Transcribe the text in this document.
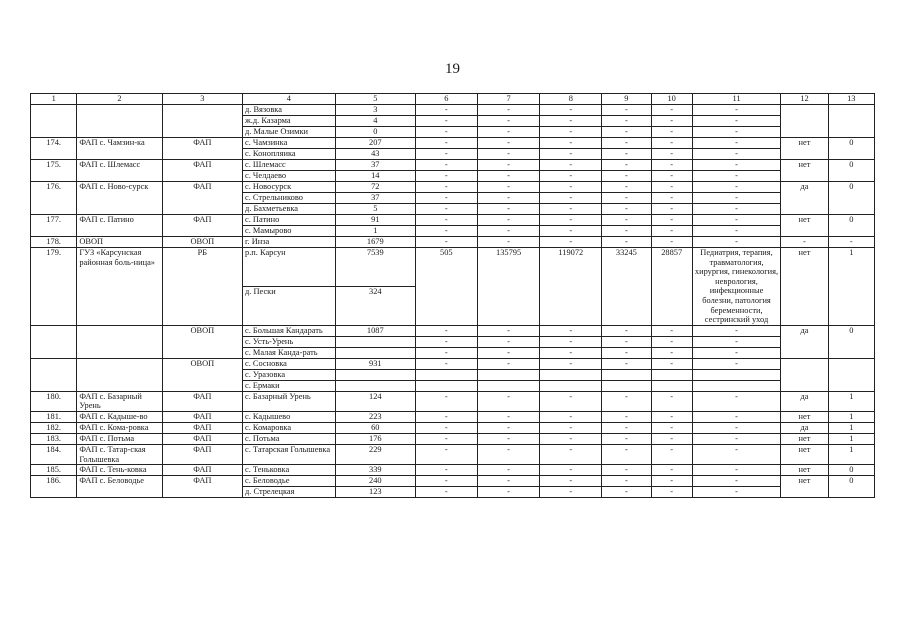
19
1	2	3	4	5	6	7	8	9	10	11	12	13
			д. Вязовка	3	-	-	-	-	-	-		
			ж.д. Казарма	4	-	-	-	-	-	-		
			д. Малые Озимки	0	-	-	-	-	-	-		
174.	ФАП с. Чамзин-ка	ФАП	с. Чамзинка	207	-	-	-	-	-	-	нет	0
			с. Конопляика	43	-	-	-	-	-	-		
175.	ФАП с. Шлемасс	ФАП	с. Шлемасс	37	-	-	-	-	-	-	нет	0
			с. Челдаево	14	-	-	-	-	-	-		
176.	ФАП с. Ново-сурск	ФАП	с. Новосурск	72	-	-	-	-	-	-	да	0
			с. Стрельниково	37	-	-	-	-	-	-		
			д. Бахметьевка	5	-	-	-	-	-	-		
177.	ФАП с. Патино	ФАП	с. Патино	91	-	-	-	-	-	-	нет	0
			с. Мамырово	1	-	-	-	-	-	-		
178.	ОВОП	ОВОП	г. Инза	1679	-	-	-	-	-	-	-	-
179.	ГУЗ «Карсунская районная боль-ница»	РБ	р.п. Карсун	7539	505	135795	119072	33245	28857	Педиатрия, терапия, травматология, хирургия, гинекология, неврология, инфекционные болезни, патология беременности, сестринский уход	нет	1
			д. Пески	324								
		ОВОП	с. Большая Кандарать	1087	-	-	-	-	-	-	да	0
			с. Усть-Урень		-	-	-	-	-	-		
			с. Малая Канда-рать		-	-	-	-	-	-		
		ОВОП	с. Сосновка	931	-	-	-	-	-	-		
			с. Уразовка									
			с. Ермаки									
180.	ФАП с. Базарный Урень	ФАП	с. Базарный Урень	124	-	-	-	-	-	-	да	1
181.	ФАП с. Кадыше-во	ФАП	с. Кадышево	223	-	-	-	-	-	-	нет	1
182.	ФАП с. Кома-ровка	ФАП	с. Комаровка	60	-	-	-	-	-	-	да	1
183.	ФАП с. Потьма	ФАП	с. Потьма	176	-	-	-	-	-	-	нет	1
184.	ФАП с. Татар-ская Голышевка	ФАП	с. Татарская Голышевка	229	-	-	-	-	-	-	нет	1
185.	ФАП с. Тень-ковка	ФАП	с. Теньковка	339	-	-	-	-	-	-	нет	0
186.	ФАП с. Беловодье	ФАП	с. Беловодье	240	-	-	-	-	-	-	нет	0
			д. Стрелецкая	123	-	-	-	-	-	-		
